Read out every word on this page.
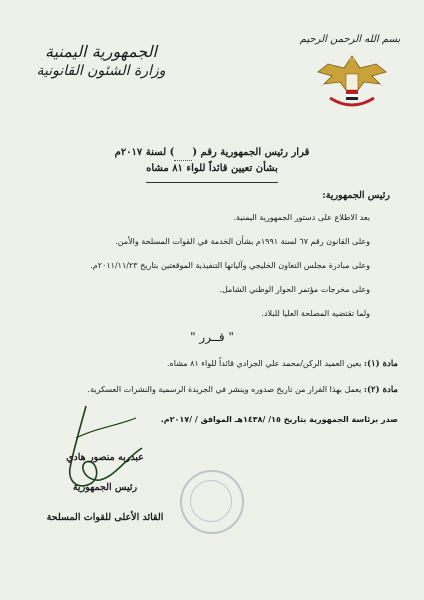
بسم الله الرحمن الرحيم
الجمهورية اليمنية
وزارة الشئون القانونية
قرار رئيس الجمهورية رقم ( ) لسنة ٢٠١٧م
بشأن تعيين قائداً للواء ٨١ مشاه
رئيس الجمهورية:

بعد الاطلاع على دستور الجمهورية اليمنية.

وعلى القانون رقم ٦٧ لسنة ١٩٩١م بشأن الخدمة في القوات المسلحة والأمن.

وعلى مبادرة مجلس التعاون الخليجي وآلياتها التنفيذية الموقعتين بتاريخ ٢٠١١/١١/٢٣م.

وعلى مخرجات مؤتمر الحوار الوطني الشامل.

ولما تقتضيه المصلحة العليا للبلاد.

" قــرر "
مادة (١): يعين العميد الركن/محمد علي الجرادي قائداً للواء ٨١ مشاه.
مادة (٢): يعمل بهذا القرار من تاريخ صدوره وينشر في الجريدة الرسمية والنشرات العسكرية.
صدر برئاسة الجمهورية بتاريخ ١٥/ /١٤٣٨هـ الموافق / /٢٠١٧م.
عبدربه منصور هادي
رئيس الجمهورية
القائد الأعلى للقوات المسلحة
